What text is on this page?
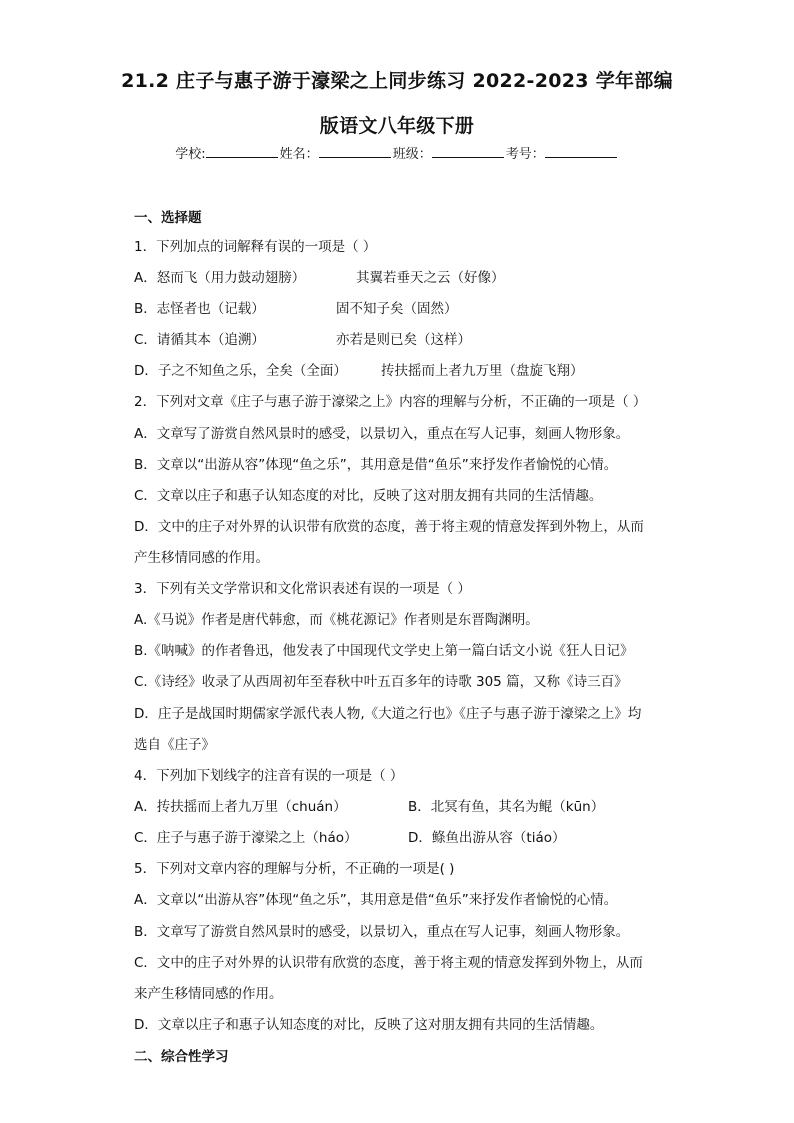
21.2 庄子与惠子游于濠梁之上同步练习 2022-2023 学年部编
版语文八年级下册
学校:	姓名：	班级：	考号：
一、选择题
1．下列加点的词解释有误的一项是（ ）
A．怒而飞（用力鼓动翅膀）	其翼若垂天之云（好像）
B．志怪者也（记载）	固不知子矣（固然）
C．请循其本（追溯）	亦若是则已矣（这样）
D．子之不知鱼之乐，全矣（全面）	抟扶摇而上者九万里（盘旋飞翔）
2．下列对文章《庄子与惠子游于濠梁之上》内容的理解与分析，不正确的一项是（ ）
A．文章写了游赏自然风景时的感受，以景切入，重点在写人记事，刻画人物形象。
B．文章以“出游从容”体现“鱼之乐”，其用意是借“鱼乐”来抒发作者愉悦的心情。
C．文章以庄子和惠子认知态度的对比，反映了这对朋友拥有共同的生活情趣。
D．文中的庄子对外界的认识带有欣赏的态度，善于将主观的情意发挥到外物上，从而
产生移情同感的作用。
3．下列有关文学常识和文化常识表述有误的一项是（ ）
A.《马说》作者是唐代韩愈，而《桃花源记》作者则是东晋陶渊明。
B.《呐喊》的作者鲁迅，他发表了中国现代文学史上第一篇白话文小说《狂人日记》
C.《诗经》收录了从西周初年至春秋中叶五百多年的诗歌 305 篇，又称《诗三百》
D．庄子是战国时期儒家学派代表人物,《大道之行也》《庄子与惠子游于濠梁之上》均
选自《庄子》
4．下列加下划线字的注音有误的一项是（ ）
A．抟扶摇而上者九万里（chuán）	B．北冥有鱼，其名为鲲（kūn）
C．庄子与惠子游于濠梁之上（háo）	D．鲦鱼出游从容（tiáo）
5．下列对文章内容的理解与分析，不正确的一项是( )
A．文章以“出游从容”体现“鱼之乐”，其用意是借“鱼乐”来抒发作者愉悦的心情。
B．文章写了游赏自然风景时的感受，以景切入，重点在写人记事，刻画人物形象。
C．文中的庄子对外界的认识带有欣赏的态度，善于将主观的情意发挥到外物上，从而
来产生移情同感的作用。
D．文章以庄子和惠子认知态度的对比，反映了这对朋友拥有共同的生活情趣。
二、综合性学习
